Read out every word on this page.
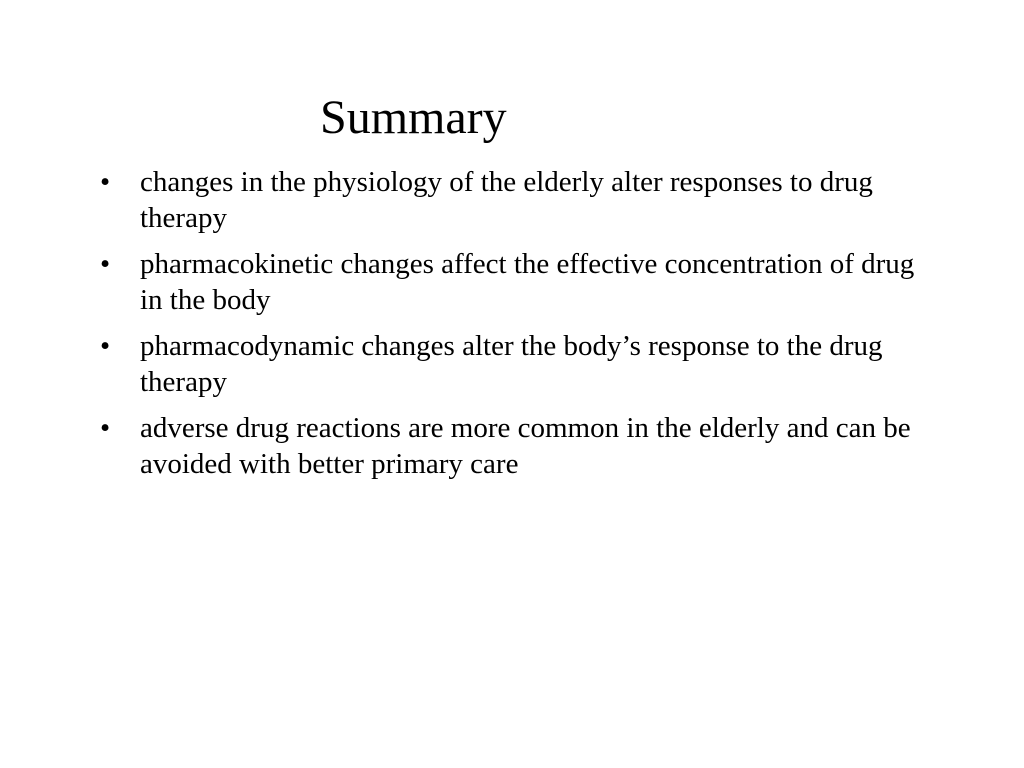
Summary
•	changes in the physiology of the elderly alter responses to drug therapy
•	pharmacokinetic changes affect the effective concentration of drug in the body
•	pharmacodynamic changes alter the body’s response to the drug therapy
•	adverse drug reactions are more common in the elderly and can be avoided with better primary care
